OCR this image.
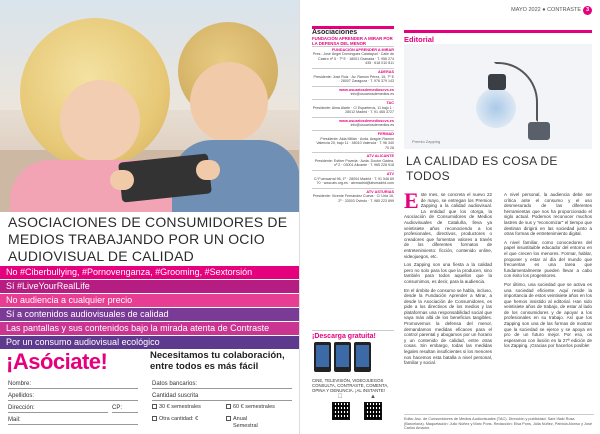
ASOCIACIONES DE CONSUMIDORES DE MEDIOS TRABAJANDO POR UN OCIO AUDIOVISUAL DE CALIDAD
No #Ciberbullying, #Pornovenganza, #Grooming, #Sextorsión
Sí #LiveYourRealLife
No audiencia a cualquier precio
Sí a contenidos audiovisuales de calidad
Las pantallas y sus contenidos bajo la mirada atenta de Contraste
Por un consumo audiovisual ecológico
¡Asóciate!	Necesitamos tu colaboración, entre todos es más fácil
Nombre:
Apellidos:
Dirección:	CP:
Mail:
Datos bancarios:
Cantidad suscrita
30 € semestrales	60 € semestrales
Otra cantidad: €	Anual
Semestral
MAYO 2022 ● CONTRASTE 3
Asociaciones
FUNDACIÓN APRENDER A MIRAR POR LA DEFENSA DEL MENOR
FUNDACIÓN APRENDER A MIRAR
Pres.: José Ángel Domínguez Calatayud · Calle de Castro nº 5 · 7º E · 18001 Granada · T. 956 274 435 · 618 010 811
ADERAS
Presidente: José Ruiz · Av. Ramón Pérez, 15, 7º E · 28007 Zaragoza · T. 976 379 143
www.usuariosdemedioscvs.es
info@usuariosdemedios.es
TAC
Presidente: Alma Alarte · C/ Esparteros, 11 bajo 1 · 28012 Madrid · T. 91 465 3727
www.usuariosdemedioscvs.es
info@usuariosdemedios.es
FERMAD
Presidente: Aida Millán · Avda. Aragón Ramón Valencia 20, bajo 11 · 46010 Valencia · T. 96 340 70 28
ATV ALICANTE
Presidente: Esther Poveda · Avda. Doctor Gadea, nº 2 · 03001 Alicante · T. 965 228 918
ATV
C/ Fuencarral 96, 1º · 28004 Madrid · T. 91 546 69 70 · www.atv.org.es · atvmadrid@atvmadrid.com
ATV ASTURIAS
Presidente: Vicente Fernández Cueva · C/ Uría 16, 2º · 33003 Oviedo · T. 985 223 899
¡Descarga gratuita!
CINE, TELEVISIÓN, VIDEOJUEGOS CONSULTA, CONTRASTE, COMENTA, OPINA Y DENUNCIA. ¡AL INSTANTE!
▲
Editorial
Premio Zapping
LA CALIDAD ES COSA DE TODOS

Este mes, se concreta el nuevo 22 de mayo, se entregan los Premios Zapping a la calidad audiovisual. La entidad que los otorga, la Asociación de Consumidores de Medios Audiovisuales de Cataluña, lleva ya veintisiete años reconociendo a los profesionales, directivos, productores o creadores que fomentan valores a través de los diferentes formatos de entretenimiento: ficción, contenido online, videojuegos, etc.

Los Zapping son una fiesta a la calidad pero no solo para los que la producen, sino también para todos aquellos que la consumimos, es decir, para la audiencia.

En el ámbito de consumo se habla, incluso, desde la Fundación Aprender a Mirar, a desde la Asociación de Consumidores, es pide a los directivos de los medios y las plataformas una responsabilidad social que vaya más allá de los beneficios tangibles. Promovemos la defensa del menor, demandamos medidas eficaces para el control parental y abogamos por un horario y un contenido de calidad, entre otras cosas. Sin embargo, todas las medidas legales resultan insuficientes si los menores nos hacemos esta batalla a nivel personal, familiar y social.

A nivel personal, la audiencia debe ser crítica ante el consumo y el uso desmesurado de las diferentes herramientas que nos ha proporcionado el siglo actual. Podemos reconocer muchos lastres de sus y "economizar" el tiempo que destinan dirigirá en las sociedad junto a otras formas de entretenimiento digital.

A nivel familiar, como conocedores del papel insustituible educador del entorno en el que crecen los menores. Formar, hablar, proponer y estar al día del mundo que frecuentan es una tarea que fundamentalmente pueden llevar a cabo con éxito los progenitores.

Por último, una sociedad que se activa es una sociedad eficiente. Aquí reside la importancia de estos veintisiete años en los que hemos insistido al editorial. Han sido veintisiete años de trabajo, de estar al lado de los consumidores y de apoyar a los profesionales en su trabajo. Así que los Zapping son una de las formas de mostrar que la sociedad se ejerce y se apoya en pro de un futuro mejor. Por eso, os esperamos con ilusión en la 27ª edición de los Zapping. ¡Gracias por hacerlos posible!

Edita: Asc. de Consumidores de Medios Audiovisuales (TAC). Dirección y publicidad: Sant Iñaki Rosa (Barcelona). Maquetación: Julio Núñez y Marc Pons. Redacción: Elsa Pons, Júlia Núñez, Patricia Alonso y José Carlos Amador.
